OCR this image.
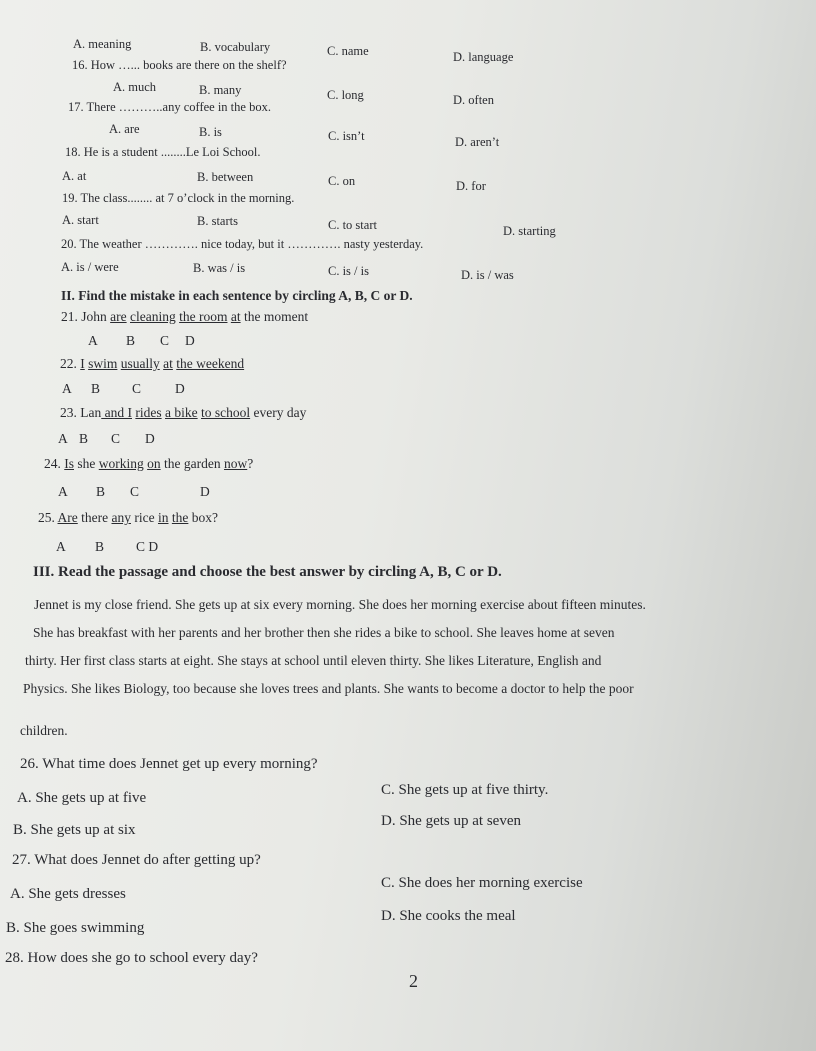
A. meaning	B. vocabulary	C. name	D. language
16. How …... books are there on the shelf?
A. much	B. many	C. long	D. often
17. There ………..any coffee in the box.
A. are	B. is	C. isn’t	D. aren’t
18. He is a student ........Le Loi School.
A. at	B. between	C. on	D. for
19. The class........ at 7 o’clock in the morning.
A. start	B. starts	C. to start	D. starting
20. The weather …………. nice today, but it …………. nasty yesterday.
A. is / were	B. was / is	C. is / is	D. is / was
II. Find the mistake in each sentence by circling A, B, C or D.
21. John are cleaning the room at the moment
A B C D
22. I swim usually at the weekend
A B C	D
23. Lan and I rides a bike to school every day
A B C D
24. Is she working on the garden now?
A B C	D
25. Are there any rice in the box?
A B C D
III. Read the passage and choose the best answer by circling A, B, C or D.
Jennet is my close friend. She gets up at six every morning. She does her morning exercise about fifteen minutes.
She has breakfast with her parents and her brother then she rides a bike to school. She leaves home at seven
thirty. Her first class starts at eight. She stays at school until eleven thirty. She likes Literature, English and
Physics. She likes Biology, too because she loves trees and plants. She wants to become a doctor to help the poor
children.
26. What time does Jennet get up every morning?
A. She gets up at five	C. She gets up at five thirty.
B. She gets up at six
D. She gets up at seven
27. What does Jennet do after getting up?
A. She gets dresses
C. She does her morning exercise
B. She goes swimming
D. She cooks the meal
28. How does she go to school every day?
2
